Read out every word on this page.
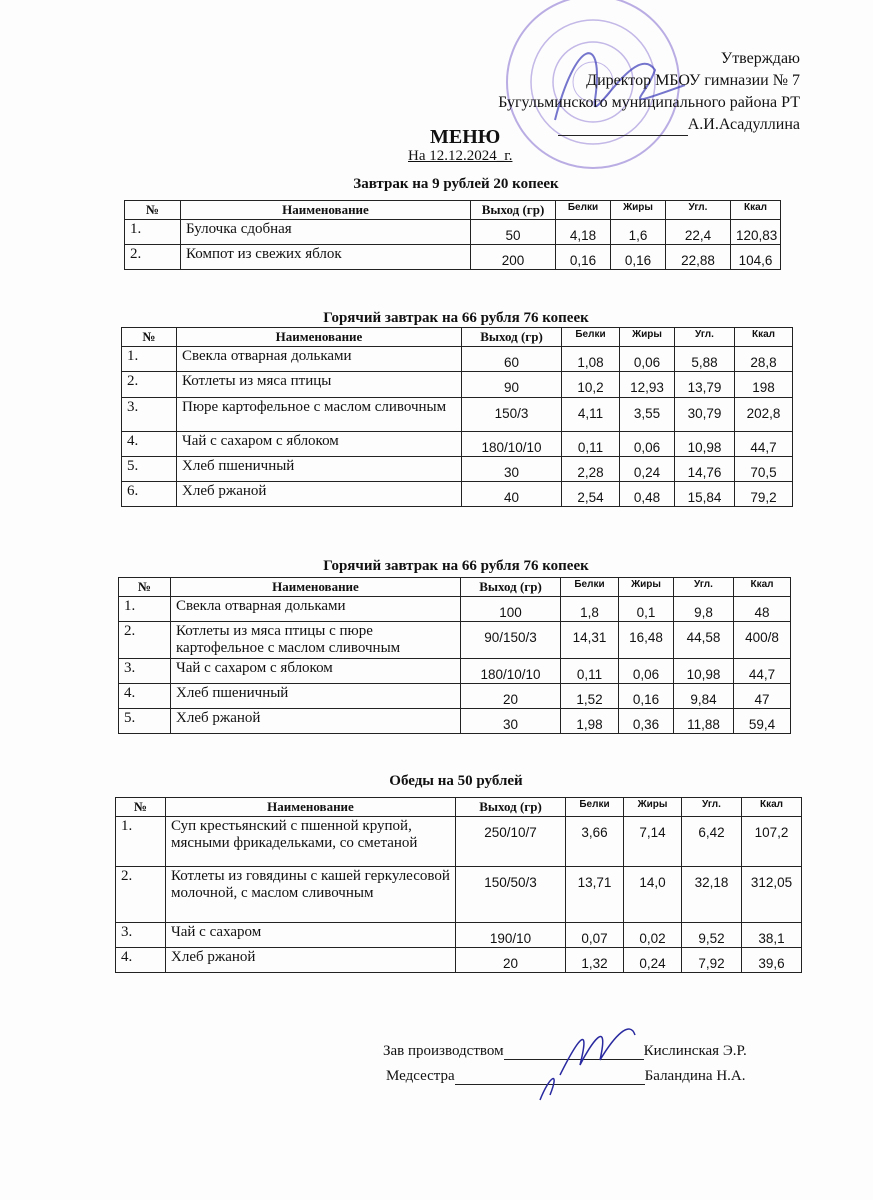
Утверждаю
Директор МБОУ гимназии № 7
Бугульминского муниципального района РТ
А.И.Асадуллина
МЕНЮ
На 12.12.2024_г.
Завтрак на 9 рублей 20 копеек
№	Наименование	Выход (гр)	Белки	Жиры	Угл.	Ккал
1.	Булочка сдобная	50	4,18	1,6	22,4	120,83
2.	Компот из свежих яблок	200	0,16	0,16	22,88	104,6
Горячий завтрак на 66 рубля 76 копеек
№	Наименование	Выход (гр)	Белки	Жиры	Угл.	Ккал
1.	Свекла отварная дольками	60	1,08	0,06	5,88	28,8
2.	Котлеты из мяса птицы	90	10,2	12,93	13,79	198
3.	Пюре картофельное с маслом сливочным	150/3	4,11	3,55	30,79	202,8
4.	Чай с сахаром с яблоком	180/10/10	0,11	0,06	10,98	44,7
5.	Хлеб пшеничный	30	2,28	0,24	14,76	70,5
6.	Хлеб ржаной	40	2,54	0,48	15,84	79,2
Горячий завтрак на 66 рубля 76 копеек
№	Наименование	Выход (гр)	Белки	Жиры	Угл.	Ккал
1.	Свекла отварная дольками	100	1,8	0,1	9,8	48
2.	Котлеты из мяса птицы с пюре картофельное с маслом сливочным	90/150/3	14,31	16,48	44,58	400/8
3.	Чай с сахаром с яблоком	180/10/10	0,11	0,06	10,98	44,7
4.	Хлеб пшеничный	20	1,52	0,16	9,84	47
5.	Хлеб ржаной	30	1,98	0,36	11,88	59,4
Обеды на 50 рублей
№	Наименование	Выход (гр)	Белки	Жиры	Угл.	Ккал
1.	Суп крестьянский с пшенной крупой, мясными фрикадельками, со сметаной	250/10/7	3,66	7,14	6,42	107,2
2.	Котлеты из говядины с кашей геркулесовой молочной, с маслом сливочным	150/50/3	13,71	14,0	32,18	312,05
3.	Чай с сахаром	190/10	0,07	0,02	9,52	38,1
4.	Хлеб ржаной	20	1,32	0,24	7,92	39,6
Зав производством	Кислинская Э.Р.
Медсестра	Баландина Н.А.
